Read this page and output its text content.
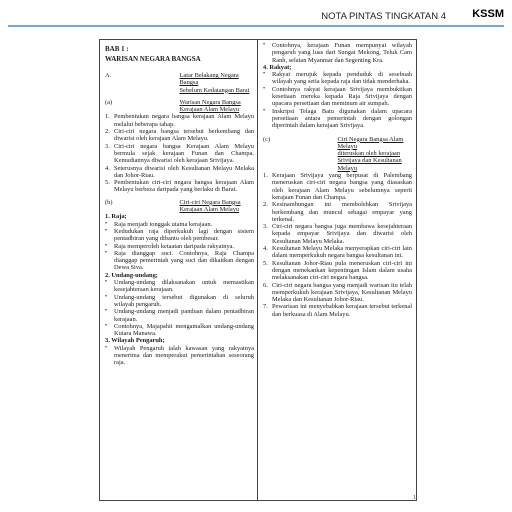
NOTA PINTAS TINGKATAN 4 KSSM
BAB 1 :
WARISAN NEGARA BANGSA
A.	Latar Belakang Negara Bangsa
Sebelum Kedatangan Barat
(a)	Warisan Negara Bangsa
Kerajaan Alam Melayu
1. Pembentukan negara bangsa kerajaan Alam Melayu melalui beberapa tahap.
2. Ciri-ciri negara bangsa tersebut berkembang dan diwarisi oleh kerajaan Alam Melayu.
3. Ciri-ciri negara bangsa Kerajaan Alam Melayu bermula sejak kerajaan Funan dan Champa. Kemudiannya diwarisi oleh kerajaan Srivijaya.
4. Seterusnya diwarisi oleh Kesultanan Melayu Melaka dan Johor-Riau.
5. Pembentukan ciri-ciri negara bangsa kerajaan Alam Melayu berbeza daripada yang berlaku di Barat.
(b)	Ciri-ciri Negara Bangsa
Kerajaan Alam Melayu
1. Raja;
•	Raja menjadi tonggak utama kerajaan.
•	Kedudukan raja diperkukuh lagi dengan sistem pentadbiran yang dibantu oleh pembesar.
•	Raja memperoleh ketaatan daripada rakyatnya.
•	Raja dianggap suci. Contohnya, Raja Champa dianggap pemerintah yang suci dan dikaitkan dengan Dewa Siva.
2. Undang-undang;
•	Undang-undang dilaksanakan untuk memastikan kesejahteraan kerajaan.
•	Undang-undang tersebut digunakan di seluruh wilayah pengaruh.
•	Undang-undang menjadi panduan dalam pentadbiran kerajaan.
•	Contohnya, Majapahit mengamalkan undang-undang Kutara Manawa.
3. Wilayah Pengaruh;
•	Wilayah Pengaruh ialah kawasan yang rakyatnya menerima dan memperakui pemerintahan seseorang raja.
•	Contohnya, kerajaan Funan mempunyai wilayah pengaruh yang luas dari Sungai Mekong, Teluk Cam Ranh, selatan Myanmar dan Segenting Kra.
4. Rakyat;
•	Rakyat merujuk kepada penduduk di sesebuah wilayah yang setia kepada raja dan tidak menderhaka.
•	Contohnya rakyat kerajaan Srivijaya membuktikan kesetiaan mereka kepada Raja Srivijaya dengan upacara persetiaan dan meminum air sumpah.
•	Inskripsi Telaga Batu digunakan dalam upacara persetiaan antara pemerintah dengan golongan diperintah dalam kerajaan Srivijaya.
(c)	Ciri Negara Bangsa Alam Melayu
diteruskan oleh kerajaan
Srivijaya dan Kesultanan Melayu
1. Kerajaan Srivijaya yang berpusat di Palembang meneruskan ciri-ciri negara bangsa yang diasaskan oleh kerajaan Alam Melayu sebelumnya seperti kerajaan Funan dan Champa.
2. Kesinambungan ini membolehkan Srivijaya berkembang dan muncul sebagai empayar yang terkenal.
3. Ciri-ciri negara bangsa juga membawa kesejahteraan kepada empayar Srivijaya dan diwarisi oleh Kesultanan Melayu Melaka.
4. Kesultanan Melayu Melaka menyerapkan ciri-ciri lain dalam memperkukuh negara bangsa kesultanan ini.
5. Kesultanan Johor-Riau pula meneruskan ciri-ciri ini dengan menekankan kepentingan Islam dalam usaha melaksanakan ciri-ciri negara bangsa.
6. Ciri-ciri negara bangsa yang menjadi warisan itu telah memperkukuh kerajaan Srivijaya, Kesultanan Melayu Melaka dan Kesultanan Johor-Riau.
7. Pewarisan ini menyebabkan kerajaan tersebut terkenal dan berkuasa di Alam Melayu.
1
